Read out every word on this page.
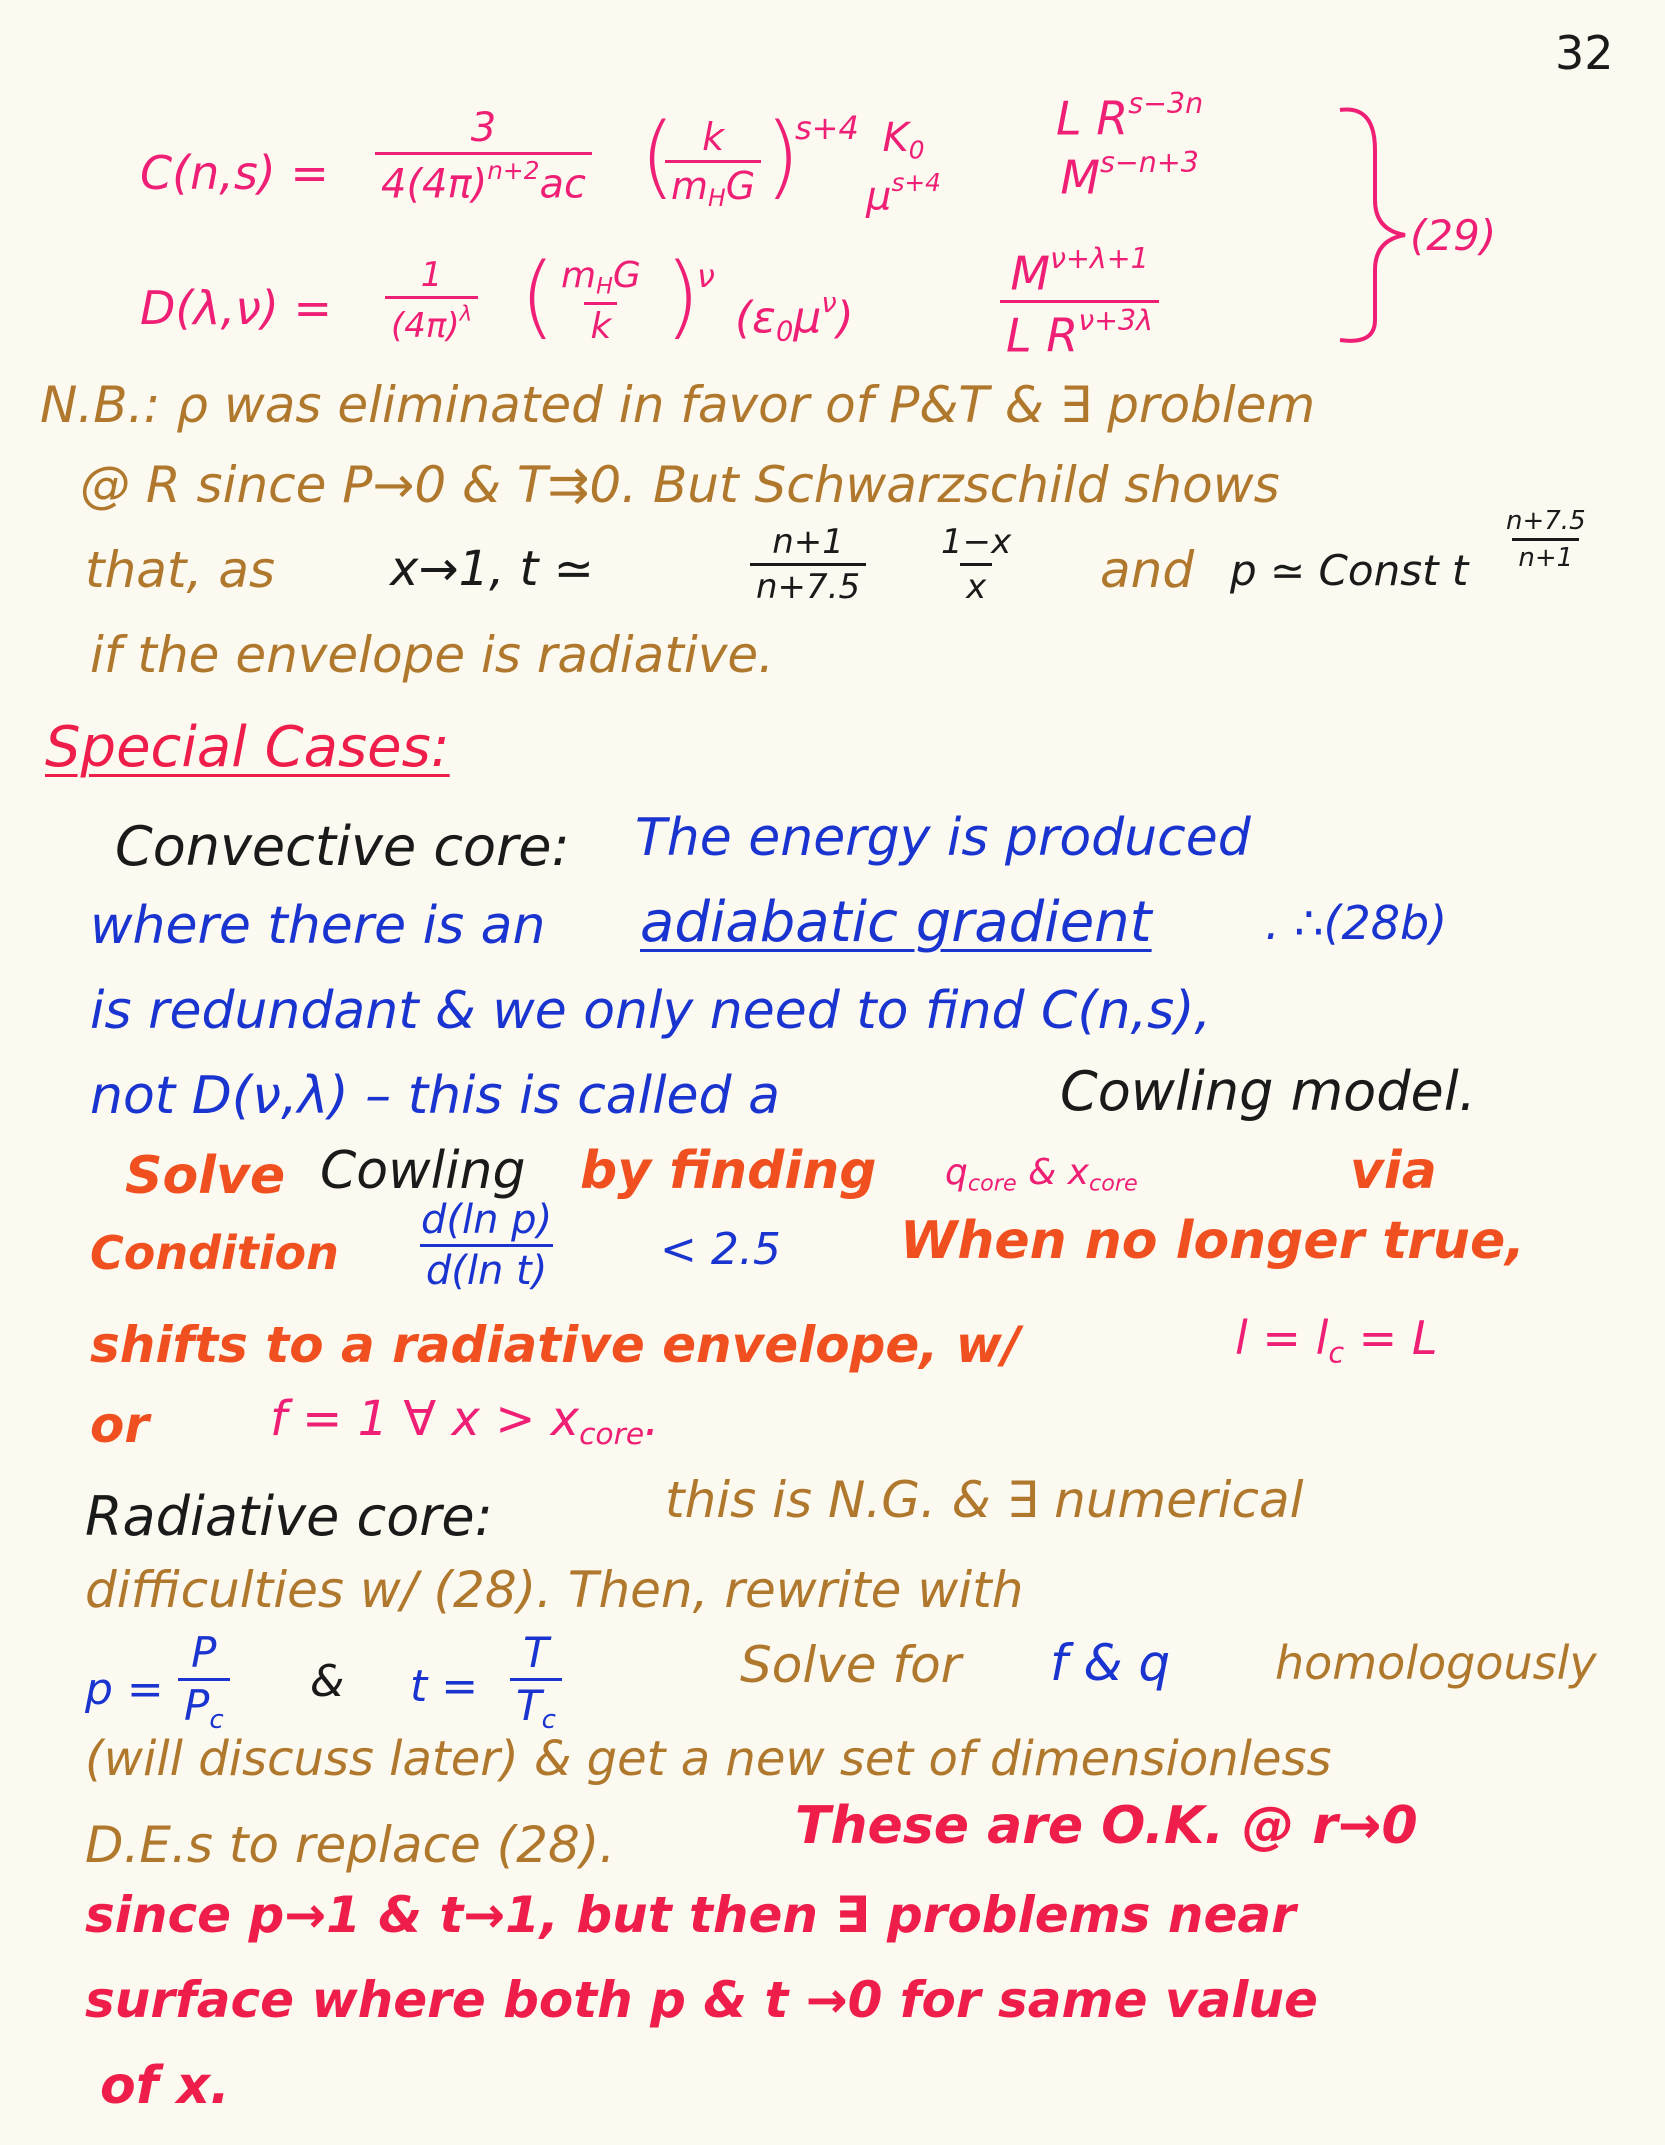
32
$C(n,s) = \frac{3}{4(4\pi)^{n+2}ac}$ ( k
$m_HG$ )
s+4 $K_0$
$\mu^{s+4}$
L $R^{s-3n}$
$M^{s-n+3}$
$D(\lambda,\nu) = \frac{1}{(4\pi)^\lambda}$ ( $m_HG$
k )
ν
$(\varepsilon_0\mu^\nu)$	$\frac{M^{\nu+\lambda+1}}{L R^{\nu+3\lambda}}$
(29)
N.B.: ρ was eliminated in favor of P&T & ∃ problem
@ R since P→0 & T⇉0. But Schwarzschild shows
that, as x→1, t ≃	$\frac{n+1}{n+7.5} \frac{1-x}{x}$ and p ≃ Const t $\frac{n+7.5}{n+1}$
if the envelope is radiative.
Special Cases:
Convective core: The energy is produced
where there is an adiabatic gradient . ∴(28b)
is redundant & we only need to find C(n,s),
not D(ν,λ) – this is called a	Cowling model.
Solve Cowling by finding $q_{core}$ & $x_{core}$	via
Condition $\frac{\text{d(ln p)}}{\text{d(ln t)}} < 2.5$ When no longer true,
shifts to a radiative envelope, w/	$l = l_c = L$
or	f = 1 ∀ $x > x_{core}$.
Radiative core:	this is N.G. & ∃ numerical
difficulties w/ (28). Then, rewrite with
$p = \frac{P}{P_c}$ & $t = \frac{T}{T_c}$	Solve for f & q homologously
(will discuss later) & get a new set of dimensionless
D.E.s to replace (28).	These are O.K. @ r→0
since p→1 & t→1, but then ∃ problems near
surface where both p & t →0 for same value
of x.
